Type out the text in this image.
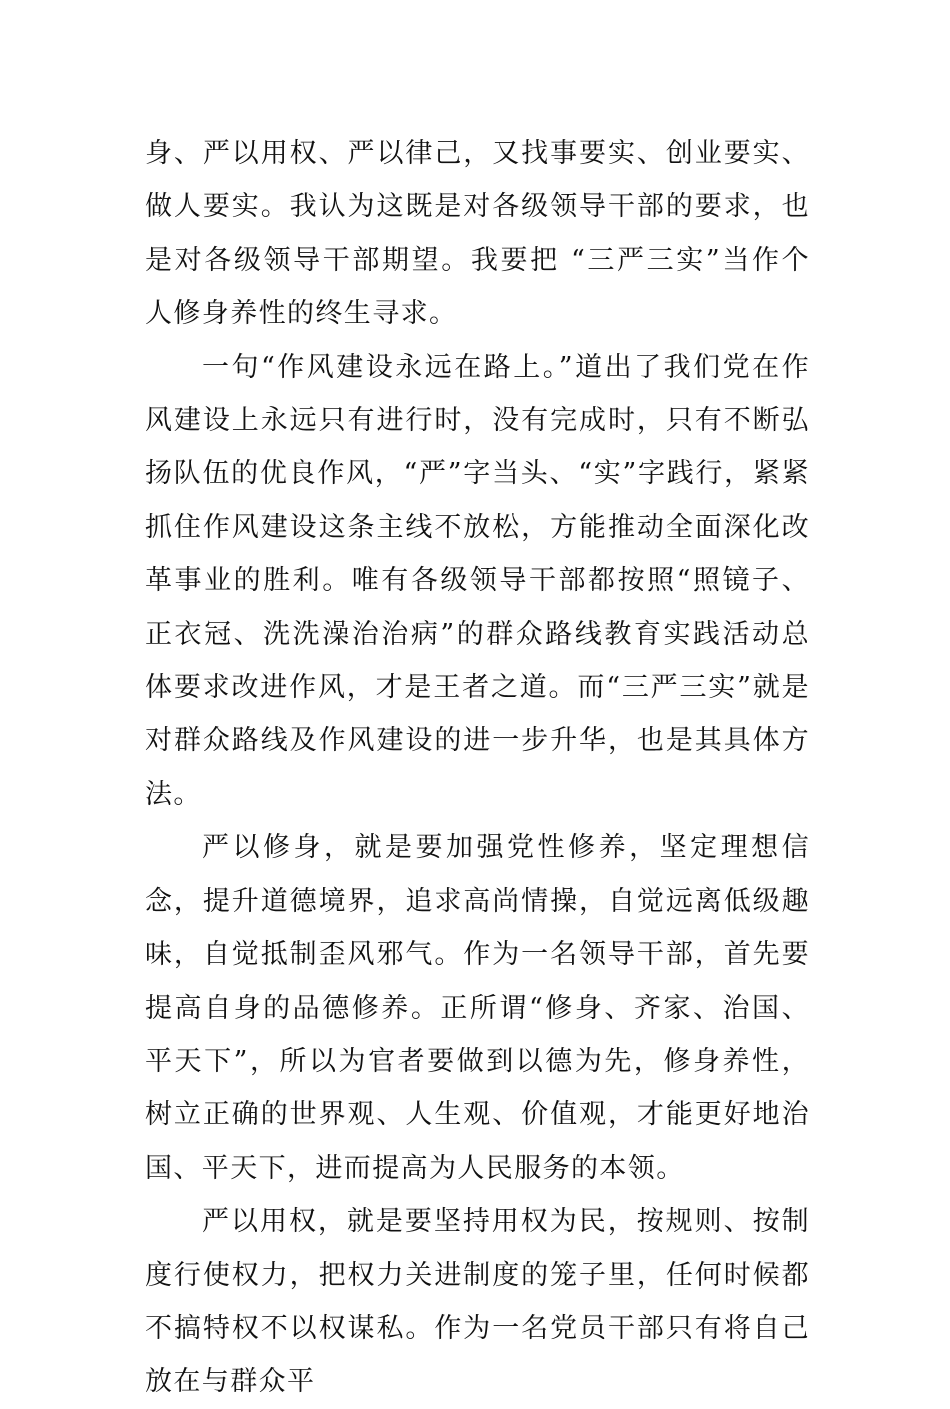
身、严以用权、严以律己，又找事要实、创业要实、做人要实。我认为这既是对各级领导干部的要求，也是对各级领导干部期望。我要把 “三严三实”当作个人修身养性的终生寻求。

一句“作风建设永远在路上。”道出了我们党在作风建设上永远只有进行时，没有完成时，只有不断弘扬队伍的优良作风，“严”字当头、“实”字践行，紧紧抓住作风建设这条主线不放松，方能推动全面深化改革事业的胜利。唯有各级领导干部都按照“照镜子、正衣冠、洗洗澡治治病”的群众路线教育实践活动总体要求改进作风，才是王者之道。而“三严三实”就是对群众路线及作风建设的进一步升华，也是其具体方法。

严以修身，就是要加强党性修养，坚定理想信念，提升道德境界，追求高尚情操，自觉远离低级趣味，自觉抵制歪风邪气。作为一名领导干部，首先要提高自身的品德修养。正所谓“修身、齐家、治国、平天下”，所以为官者要做到以德为先，修身养性，树立正确的世界观、人生观、价值观，才能更好地治国、平天下，进而提高为人民服务的本领。

严以用权，就是要坚持用权为民，按规则、按制度行使权力，把权力关进制度的笼子里，任何时候都不搞特权不以权谋私。作为一名党员干部只有将自己放在与群众平
